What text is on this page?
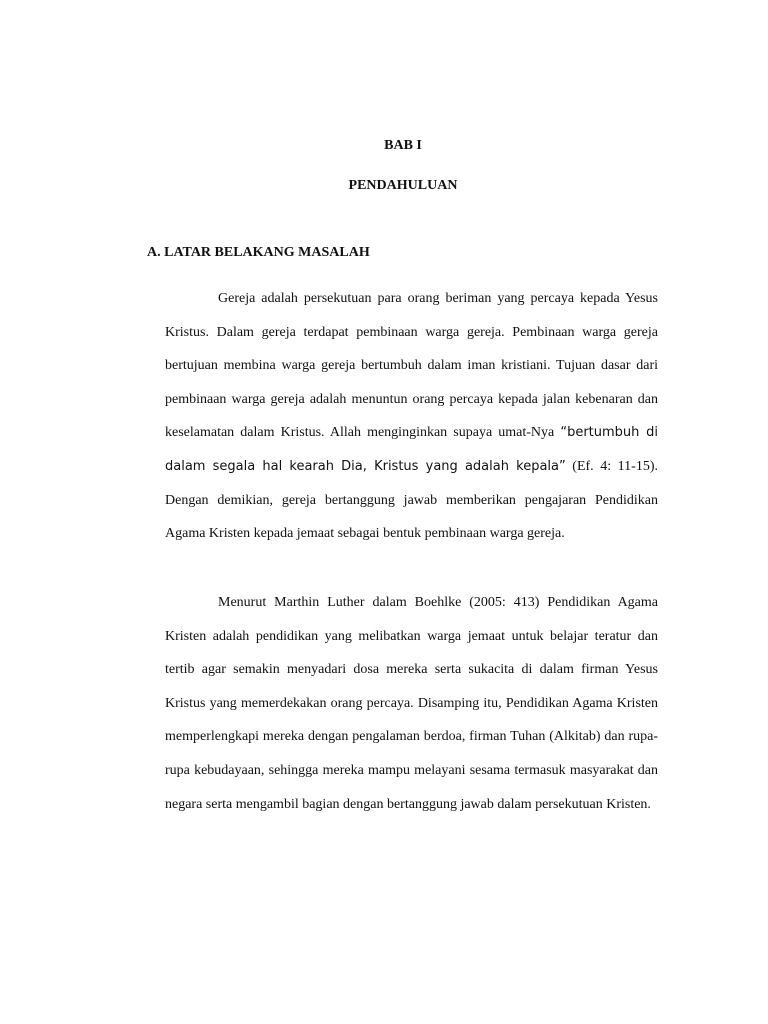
BAB I
PENDAHULUAN
A. LATAR BELAKANG MASALAH

Gereja adalah persekutuan para orang beriman yang percaya kepada Yesus Kristus. Dalam gereja terdapat pembinaan warga gereja. Pembinaan warga gereja bertujuan membina warga gereja bertumbuh dalam iman kristiani. Tujuan dasar dari pembinaan warga gereja adalah menuntun orang percaya kepada jalan kebenaran dan keselamatan dalam Kristus. Allah menginginkan supaya umat-Nya “bertumbuh di dalam segala hal kearah Dia, Kristus yang adalah kepala” (Ef. 4: 11-15). Dengan demikian, gereja bertanggung jawab memberikan pengajaran Pendidikan Agama Kristen kepada jemaat sebagai bentuk pembinaan warga gereja.

Menurut Marthin Luther dalam Boehlke (2005: 413) Pendidikan Agama Kristen adalah pendidikan yang melibatkan warga jemaat untuk belajar teratur dan tertib agar semakin menyadari dosa mereka serta sukacita di dalam firman Yesus Kristus yang memerdekakan orang percaya. Disamping itu, Pendidikan Agama Kristen memperlengkapi mereka dengan pengalaman berdoa, firman Tuhan (Alkitab) dan rupa-rupa kebudayaan, sehingga mereka mampu melayani sesama termasuk masyarakat dan negara serta mengambil bagian dengan bertanggung jawab dalam persekutuan Kristen.
